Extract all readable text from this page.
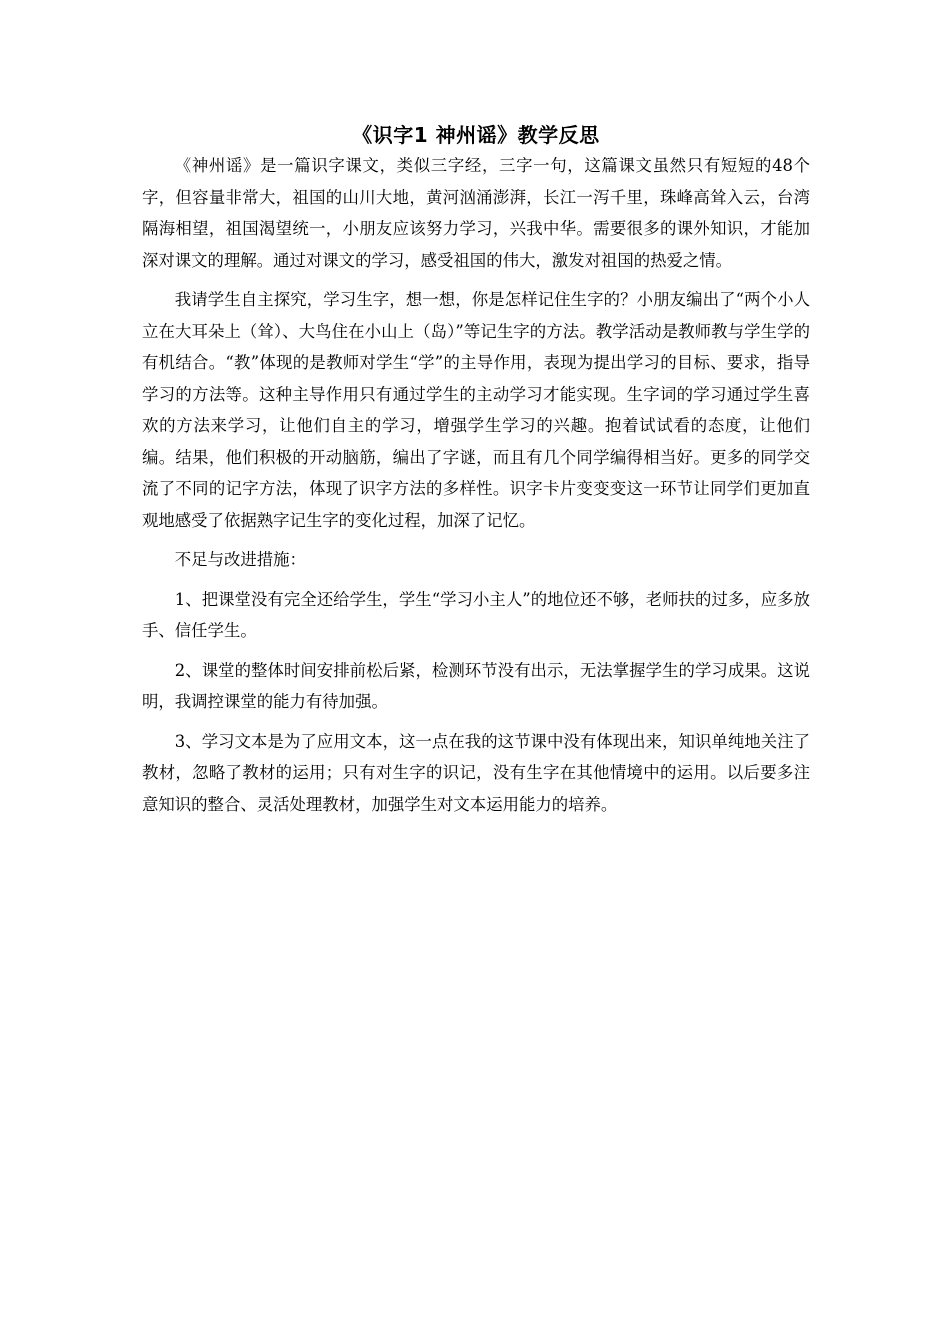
《识字1 神州谣》教学反思

《神州谣》是一篇识字课文，类似三字经，三字一句，这篇课文虽然只有短短的48个字，但容量非常大，祖国的山川大地，黄河汹涌澎湃，长江一泻千里，珠峰高耸入云，台湾隔海相望，祖国渴望统一，小朋友应该努力学习，兴我中华。需要很多的课外知识，才能加深对课文的理解。通过对课文的学习，感受祖国的伟大，激发对祖国的热爱之情。

我请学生自主探究，学习生字，想一想，你是怎样记住生字的？小朋友编出了“两个小人立在大耳朵上（耸）、大鸟住在小山上（岛）”等记生字的方法。教学活动是教师教与学生学的有机结合。“教”体现的是教师对学生“学”的主导作用，表现为提出学习的目标、要求，指导学习的方法等。这种主导作用只有通过学生的主动学习才能实现。生字词的学习通过学生喜欢的方法来学习，让他们自主的学习，增强学生学习的兴趣。抱着试试看的态度，让他们编。结果，他们积极的开动脑筋，编出了字谜，而且有几个同学编得相当好。更多的同学交流了不同的记字方法，体现了识字方法的多样性。识字卡片变变变这一环节让同学们更加直观地感受了依据熟字记生字的变化过程，加深了记忆。

不足与改进措施：

1、把课堂没有完全还给学生，学生“学习小主人”的地位还不够，老师扶的过多，应多放手、信任学生。

2、课堂的整体时间安排前松后紧，检测环节没有出示，无法掌握学生的学习成果。这说明，我调控课堂的能力有待加强。

3、学习文本是为了应用文本，这一点在我的这节课中没有体现出来，知识单纯地关注了教材，忽略了教材的运用；只有对生字的识记，没有生字在其他情境中的运用。以后要多注意知识的整合、灵活处理教材，加强学生对文本运用能力的培养。
